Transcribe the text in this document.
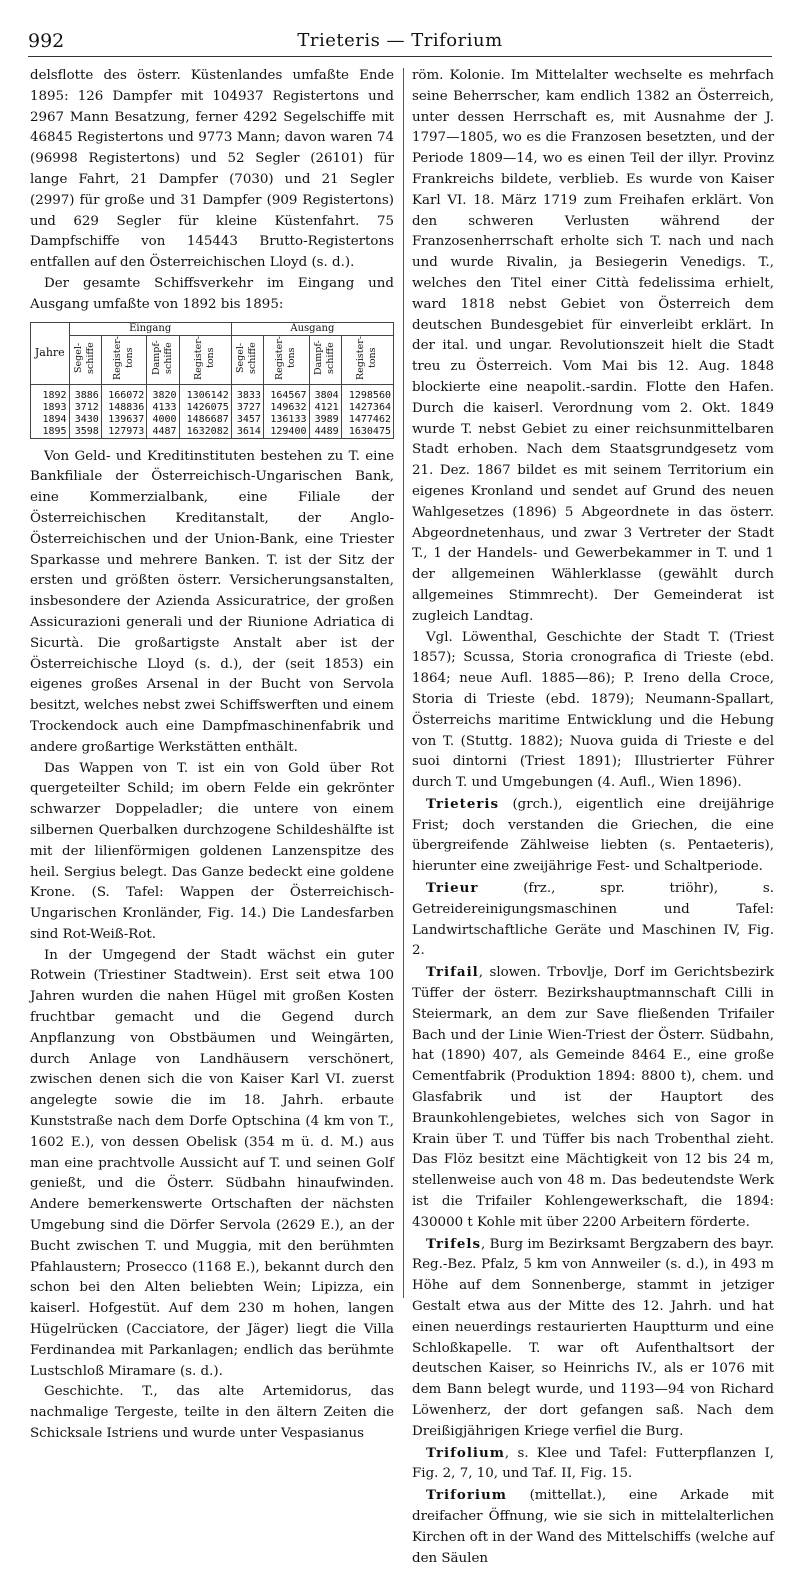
992	Trieteris — Triforium

delsflotte des österr. Küstenlandes umfaßte Ende 1895: 126 Dampfer mit 104937 Registertons und 2967 Mann Besatzung, ferner 4292 Segelschiffe mit 46845 Registertons und 9773 Mann; davon waren 74 (96998 Registertons) und 52 Segler (26101) für lange Fahrt, 21 Dampfer (7030) und 21 Segler (2997) für große und 31 Dampfer (909 Registertons) und 629 Segler für kleine Küstenfahrt. 75 Dampfschiffe von 145443 Brutto-Registertons entfallen auf den Österreichischen Lloyd (s. d.).

Der gesamte Schiffsverkehr im Eingang und Ausgang umfaßte von 1892 bis 1895:

Jahre	Eingang				Ausgang			
	Segel-schiffe	Register-tons	Dampf-schiffe	Register-tons	Segel-schiffe	Register-tons	Dampf-schiffe	Register-tons
1892	3886	166072	3820	1306142	3833	164567	3804	1298560
1893	3712	148836	4133	1426075	3727	149632	4121	1427364
1894	3430	139637	4000	1486687	3457	136133	3989	1477462
1895	3598	127973	4487	1632082	3614	129400	4489	1630475

Von Geld- und Kreditinstituten bestehen zu T. eine Bankfiliale der Österreichisch-Ungarischen Bank, eine Kommerzialbank, eine Filiale der Österreichischen Kreditanstalt, der Anglo-Österreichischen und der Union-Bank, eine Triester Sparkasse und mehrere Banken. T. ist der Sitz der ersten und größten österr. Versicherungsanstalten, insbesondere der Azienda Assicuratrice, der großen Assicurazioni generali und der Riunione Adriatica di Sicurtà. Die großartigste Anstalt aber ist der Österreichische Lloyd (s. d.), der (seit 1853) ein eigenes großes Arsenal in der Bucht von Servola besitzt, welches nebst zwei Schiffswerften und einem Trockendock auch eine Dampfmaschinenfabrik und andere großartige Werkstätten enthält.

Das Wappen von T. ist ein von Gold über Rot quergeteilter Schild; im obern Felde ein gekrönter schwarzer Doppeladler; die untere von einem silbernen Querbalken durchzogene Schildeshälfte ist mit der lilienförmigen goldenen Lanzenspitze des heil. Sergius belegt. Das Ganze bedeckt eine goldene Krone. (S. Tafel: Wappen der Österreichisch-Ungarischen Kronländer, Fig. 14.) Die Landesfarben sind Rot-Weiß-Rot.

In der Umgegend der Stadt wächst ein guter Rotwein (Triestiner Stadtwein). Erst seit etwa 100 Jahren wurden die nahen Hügel mit großen Kosten fruchtbar gemacht und die Gegend durch Anpflanzung von Obstbäumen und Weingärten, durch Anlage von Landhäusern verschönert, zwischen denen sich die von Kaiser Karl VI. zuerst angelegte sowie die im 18. Jahrh. erbaute Kunststraße nach dem Dorfe Optschina (4 km von T., 1602 E.), von dessen Obelisk (354 m ü. d. M.) aus man eine prachtvolle Aussicht auf T. und seinen Golf genießt, und die Österr. Südbahn hinaufwinden. Andere bemerkenswerte Ortschaften der nächsten Umgebung sind die Dörfer Servola (2629 E.), an der Bucht zwischen T. und Muggia, mit den berühmten Pfahlaustern; Prosecco (1168 E.), bekannt durch den schon bei den Alten beliebten Wein; Lipizza, ein kaiserl. Hofgestüt. Auf dem 230 m hohen, langen Hügelrücken (Cacciatore, der Jäger) liegt die Villa Ferdinandea mit Parkanlagen; endlich das berühmte Lustschloß Miramare (s. d.).

Geschichte. T., das alte Artemidorus, das nachmalige Tergeste, teilte in den ältern Zeiten die Schicksale Istriens und wurde unter Vespasianus

röm. Kolonie. Im Mittelalter wechselte es mehrfach seine Beherrscher, kam endlich 1382 an Österreich, unter dessen Herrschaft es, mit Ausnahme der J. 1797—1805, wo es die Franzosen besetzten, und der Periode 1809—14, wo es einen Teil der illyr. Provinz Frankreichs bildete, verblieb. Es wurde von Kaiser Karl VI. 18. März 1719 zum Freihafen erklärt. Von den schweren Verlusten während der Franzosenherrschaft erholte sich T. nach und nach und wurde Rivalin, ja Besiegerin Venedigs. T., welches den Titel einer Città fedelissima erhielt, ward 1818 nebst Gebiet von Österreich dem deutschen Bundesgebiet für einverleibt erklärt. In der ital. und ungar. Revolutionszeit hielt die Stadt treu zu Österreich. Vom Mai bis 12. Aug. 1848 blockierte eine neapolit.-sardin. Flotte den Hafen. Durch die kaiserl. Verordnung vom 2. Okt. 1849 wurde T. nebst Gebiet zu einer reichsunmittelbaren Stadt erhoben. Nach dem Staatsgrundgesetz vom 21. Dez. 1867 bildet es mit seinem Territorium ein eigenes Kronland und sendet auf Grund des neuen Wahlgesetzes (1896) 5 Abgeordnete in das österr. Abgeordnetenhaus, und zwar 3 Vertreter der Stadt T., 1 der Handels- und Gewerbekammer in T. und 1 der allgemeinen Wählerklasse (gewählt durch allgemeines Stimmrecht). Der Gemeinderat ist zugleich Landtag.

Vgl. Löwenthal, Geschichte der Stadt T. (Triest 1857); Scussa, Storia cronografica di Trieste (ebd. 1864; neue Aufl. 1885—86); P. Ireno della Croce, Storia di Trieste (ebd. 1879); Neumann-Spallart, Österreichs maritime Entwicklung und die Hebung von T. (Stuttg. 1882); Nuova guida di Trieste e del suoi dintorni (Triest 1891); Illustrierter Führer durch T. und Umgebungen (4. Aufl., Wien 1896).

Trieteris (grch.), eigentlich eine dreijährige Frist; doch verstanden die Griechen, die eine übergreifende Zählweise liebten (s. Pentaeteris), hierunter eine zweijährige Fest- und Schaltperiode.

Trieur (frz., spr. triöhr), s. Getreidereinigungsmaschinen und Tafel: Landwirtschaftliche Geräte und Maschinen IV, Fig. 2.

Trifail, slowen. Trbovlje, Dorf im Gerichtsbezirk Tüffer der österr. Bezirkshauptmannschaft Cilli in Steiermark, an dem zur Save fließenden Trifailer Bach und der Linie Wien-Triest der Österr. Südbahn, hat (1890) 407, als Gemeinde 8464 E., eine große Cementfabrik (Produktion 1894: 8800 t), chem. und Glasfabrik und ist der Hauptort des Braunkohlengebietes, welches sich von Sagor in Krain über T. und Tüffer bis nach Trobenthal zieht. Das Flöz besitzt eine Mächtigkeit von 12 bis 24 m, stellenweise auch von 48 m. Das bedeutendste Werk ist die Trifailer Kohlengewerkschaft, die 1894: 430000 t Kohle mit über 2200 Arbeitern förderte.

Trifels, Burg im Bezirksamt Bergzabern des bayr. Reg.-Bez. Pfalz, 5 km von Annweiler (s. d.), in 493 m Höhe auf dem Sonnenberge, stammt in jetziger Gestalt etwa aus der Mitte des 12. Jahrh. und hat einen neuerdings restaurierten Hauptturm und eine Schloßkapelle. T. war oft Aufenthaltsort der deutschen Kaiser, so Heinrichs IV., als er 1076 mit dem Bann belegt wurde, und 1193—94 von Richard Löwenherz, der dort gefangen saß. Nach dem Dreißigjährigen Kriege verfiel die Burg.

Trifolium, s. Klee und Tafel: Futterpflanzen I, Fig. 2, 7, 10, und Taf. II, Fig. 15.

Triforium (mittellat.), eine Arkade mit dreifacher Öffnung, wie sie sich in mittelalterlichen Kirchen oft in der Wand des Mittelschiffs (welche auf den Säulen
